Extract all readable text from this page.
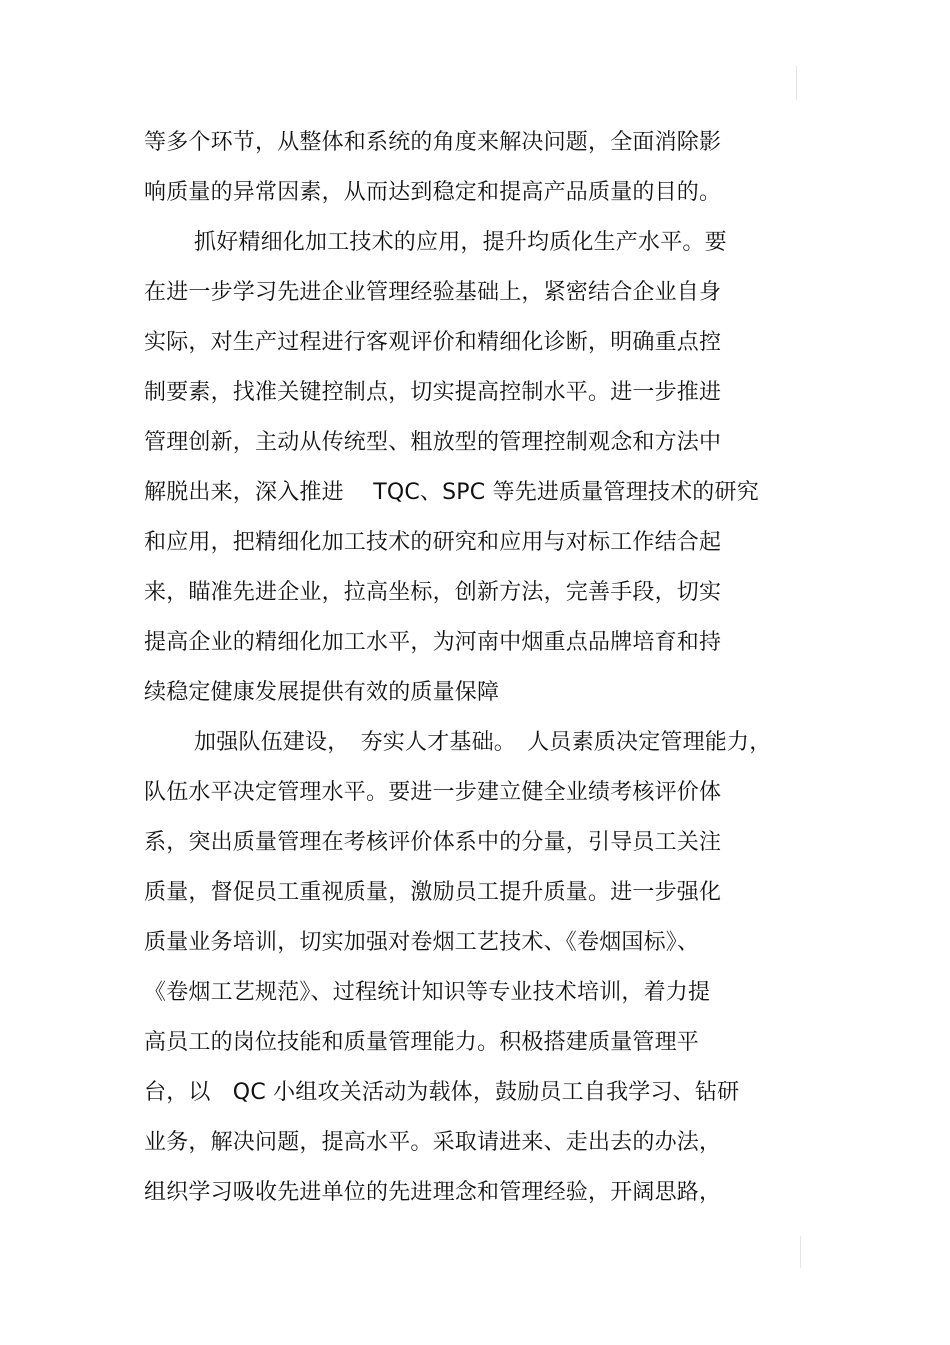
等多个环节，从整体和系统的角度来解决问题，全面消除影
响质量的异常因素，从而达到稳定和提高产品质量的目的。
抓好精细化加工技术的应用，提升均质化生产水平。要
在进一步学习先进企业管理经验基础上，紧密结合企业自身
实际，对生产过程进行客观评价和精细化诊断，明确重点控
制要素，找准关键控制点，切实提高控制水平。进一步推进
管理创新，主动从传统型、粗放型的管理控制观念和方法中
解脱出来，深入推进　 TQC、SPC 等先进质量管理技术的研究
和应用，把精细化加工技术的研究和应用与对标工作结合起
来，瞄准先进企业，拉高坐标，创新方法，完善手段，切实
提高企业的精细化加工水平，为河南中烟重点品牌培育和持
续稳定健康发展提供有效的质量保障
加强队伍建设，　夯实人才基础。　人员素质决定管理能力，
队伍水平决定管理水平。要进一步建立健全业绩考核评价体
系，突出质量管理在考核评价体系中的分量，引导员工关注
质量，督促员工重视质量，激励员工提升质量。进一步强化
质量业务培训，切实加强对卷烟工艺技术、《卷烟国标》、
《卷烟工艺规范》、过程统计知识等专业技术培训，着力提
高员工的岗位技能和质量管理能力。积极搭建质量管理平
台，以　QC 小组攻关活动为载体，鼓励员工自我学习、钻研
业务，解决问题，提高水平。采取请进来、走出去的办法，
组织学习吸收先进单位的先进理念和管理经验，开阔思路，
